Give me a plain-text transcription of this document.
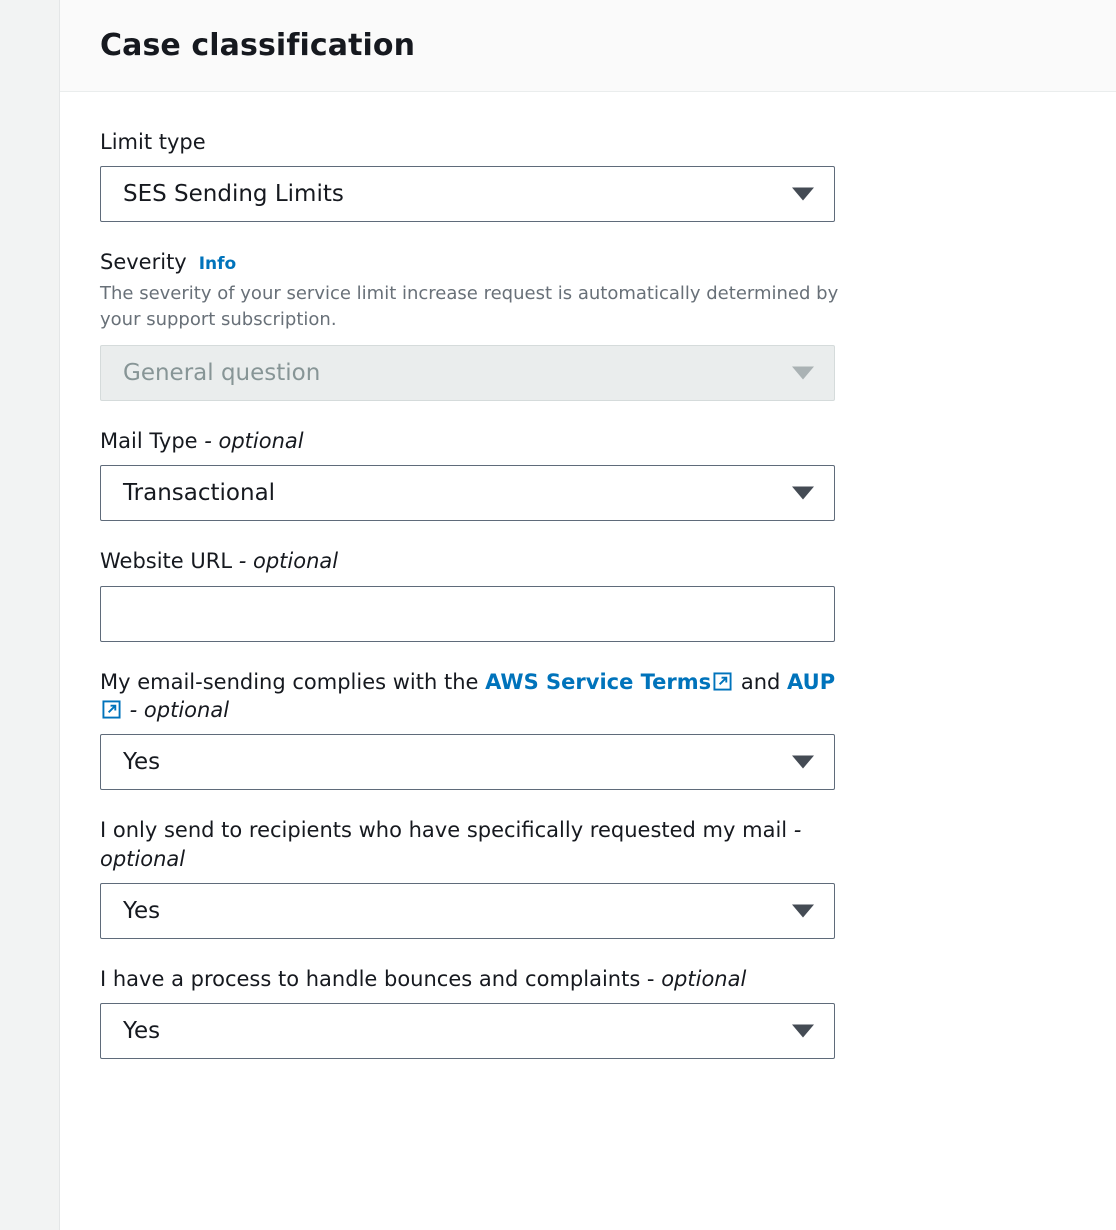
Case classification
Limit type
SES Sending Limits
Severity Info
The severity of your service limit increase request is automatically determined by your support subscription.
General question
Mail Type - optional
Transactional
Website URL - optional
My email-sending complies with the AWS Service Terms
and AUP
- optional
Yes
I only send to recipients who have specifically requested my mail - optional
Yes
I have a process to handle bounces and complaints - optional
Yes
